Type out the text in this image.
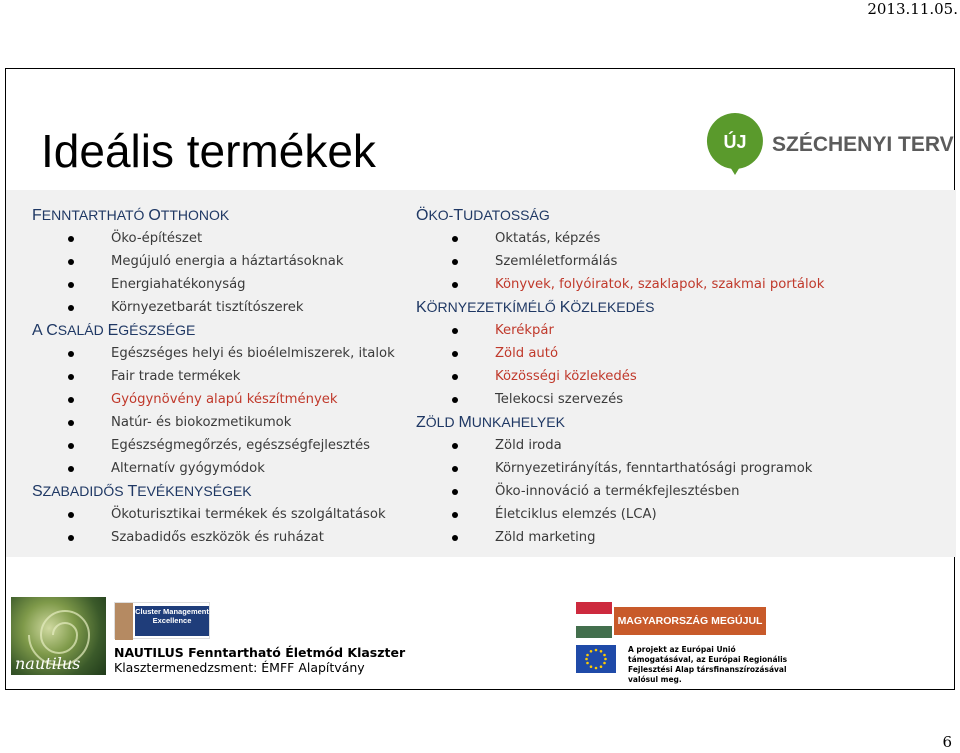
2013.11.05.
Ideális termékek	ÚJ SZÉCHENYI TERV
FENNTARTHATÓ OTTHONOK
Öko-építészet
Megújuló energia a háztartásoknak
Energiahatékonyság
Környezetbarát tisztítószerek
A CSALÁD EGÉSZSÉGE
Egészséges helyi és bioélelmiszerek, italok
Fair trade termékek
Gyógynövény alapú készítmények
Natúr- és biokozmetikumok
Egészségmegőrzés, egészségfejlesztés
Alternatív gyógymódok
SZABADIDŐS TEVÉKENYSÉGEK
Ökoturisztikai termékek és szolgáltatások
Szabadidős eszközök és ruházat
ÖKO-TUDATOSSÁG
Oktatás, képzés
Szemléletformálás
Könyvek, folyóiratok, szaklapok, szakmai portálok
KÖRNYEZETKÍMÉLŐ KÖZLEKEDÉS
Kerékpár
Zöld autó
Közösségi közlekedés
Telekocsi szervezés
ZÖLD MUNKAHELYEK
Zöld iroda
Környezetirányítás, fenntarthatósági programok
Öko-innováció a termékfejlesztésben
Életciklus elemzés (LCA)
Zöld marketing
nautilus
Cluster Management Excellence
NAUTILUS Fenntartható Életmód Klaszter
Klasztermenedzsment: ÉMFF Alapítvány
MAGYARORSZÁG MEGÚJUL
A projekt az Európai Unió támogatásával, az Európai Regionális Fejlesztési Alap társfinanszírozásával valósul meg.
6
